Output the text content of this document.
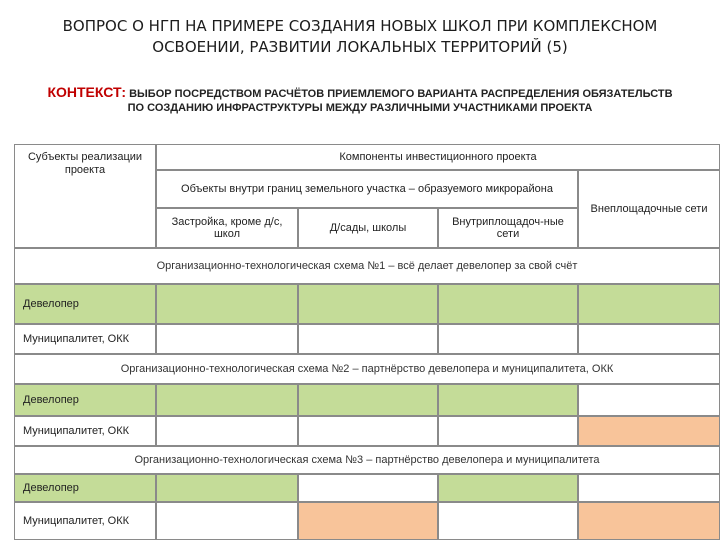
ВОПРОС О НГП НА ПРИМЕРЕ СОЗДАНИЯ НОВЫХ ШКОЛ ПРИ КОМПЛЕКСНОМ
ОСВОЕНИИ, РАЗВИТИИ ЛОКАЛЬНЫХ ТЕРРИТОРИЙ (5)
КОНТЕКСТ: ВЫБОР ПОСРЕДСТВОМ РАСЧЁТОВ ПРИЕМЛЕМОГО ВАРИАНТА РАСПРЕДЕЛЕНИЯ ОБЯЗАТЕЛЬСТВ
ПО СОЗДАНИЮ ИНФРАСТРУКТУРЫ МЕЖДУ РАЗЛИЧНЫМИ УЧАСТНИКАМИ ПРОЕКТА
Субъекты реализации проекта
Компоненты инвестиционного проекта
Объекты внутри границ земельного участка – образуемого микрорайона
Внеплощадочные сети
Застройка, кроме д/с, школ	Д/сады, школы	Внутриплощадоч-ные сети
Организационно-технологическая схема №1 – всё делает девелопер за свой счёт
Девелопер
Муниципалитет, ОКК
Организационно-технологическая схема №2 – партнёрство девелопера и муниципалитета, ОКК
Девелопер
Муниципалитет, ОКК
Организационно-технологическая схема №3 – партнёрство девелопера и муниципалитета
Девелопер
Муниципалитет, ОКК
